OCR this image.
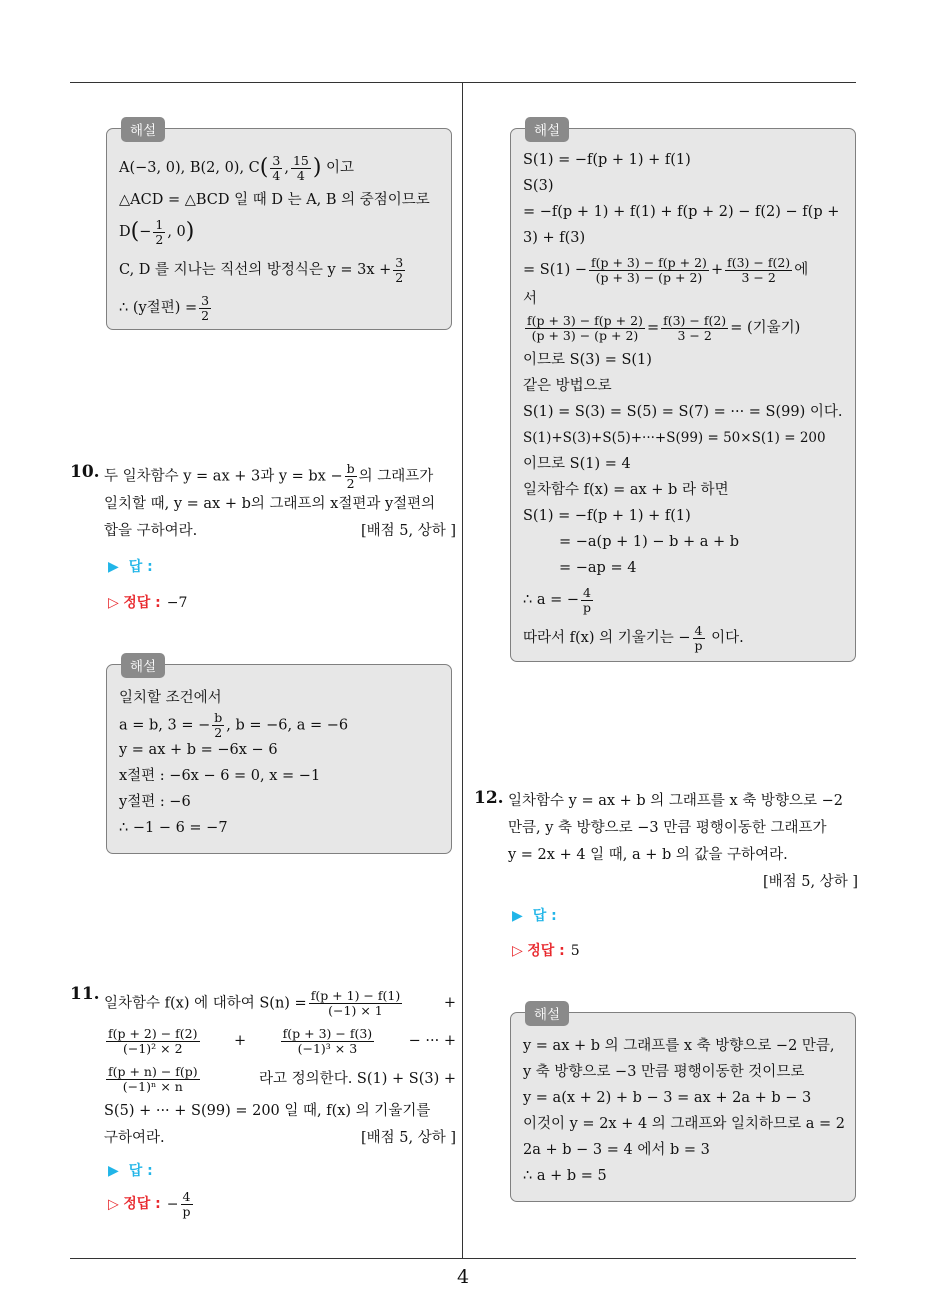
해설
A(−3, 0), B(2, 0), $C( \frac{3}{4}$ , $\frac{15}{4}$ ) 이고
△ACD = △BCD 일 때 D 는 A, B 의 중점이므로
$D(- \frac{1}{2}$ , 0)
C, D 를 지나는 직선의 방정식은 $y = 3x + \frac{3}{2}$
∴ (y절편) = $\frac{3}{2}$
10. 두 일차함수 y = ax + 3과 y = bx − $\frac{b}{2}$ 의 그래프가
일치할 때, y = ax + b의 그래프의 x절편과 y절편의
합을 구하여라.	[배점 5, 상하 ]
▶ 답 :
▷ 정답 : −7
해설
일치할 조건에서
a = b, 3 = − $\frac{b}{2}$ , b = −6, a = −6
y = ax + b = −6x − 6
x절편 : −6x − 6 = 0, x = −1
y절편 : −6
∴ −1 − 6 = −7
11. 일차함수 f(x) 에 대하여 $S(n) = \frac{f(p + 1) - f(1)}{(-1) \times 1}$	+
f(p + 2) − f(2)
(−1)² × 2	+	$\frac{f(p + 3) - f(3)}{\text{(−1)³ × 3}}$ − ··· +
f(p + n) − f(p)
(−1)ⁿ × n	라고 정의한다. S(1) + S(3) +
S(5) + ··· + S(99) = 200 일 때, f(x) 의 기울기를
구하여라.	[배점 5, 상하 ]
▶ 답 :
▷ 정답 : − $\frac{4}{p}$
해설
S(1) = −f(p + 1) + f(1)
S(3)
= −f(p + 1) + f(1) + f(p + 2) − f(2) − f(p +
3) + f(3)
= $S(1) - \frac{f(p + 3) - f(p + 2)}{(p + 3) - (p + 2)} + \frac{f(3) - f(2)}{3 - 2}$ 에
서
$\frac{f(p + 3) - f(p + 2)}{(p + 3) - (p + 2)} = \frac{f(3) - f(2)}{3 - 2}$ = (기울기)
이므로 S(3) = S(1)
같은 방법으로
S(1) = S(3) = S(5) = S(7) = ··· = S(99) 이다.
S(1)+S(3)+S(5)+···+S(99) = 50×S(1) = 200
이므로 S(1) = 4
일차함수 f(x) = ax + b 라 하면
S(1) = −f(p + 1) + f(1)
= −a(p + 1) − b + a + b
= −ap = 4
∴ a = − $\frac{4}{p}$
따라서 f(x) 의 기울기는 − $\frac{4}{p}$ 이다.
12. 일차함수 y = ax + b 의 그래프를 x 축 방향으로 −2
만큼, y 축 방향으로 −3 만큼 평행이동한 그래프가
y = 2x + 4 일 때, a + b 의 값을 구하여라.
[배점 5, 상하 ]
▶ 답 :
▷ 정답 : 5
해설
y = ax + b 의 그래프를 x 축 방향으로 −2 만큼,
y 축 방향으로 −3 만큼 평행이동한 것이므로
y = a(x + 2) + b − 3 = ax + 2a + b − 3
이것이 y = 2x + 4 의 그래프와 일치하므로 a = 2
2a + b − 3 = 4 에서 b = 3
∴ a + b = 5
4
